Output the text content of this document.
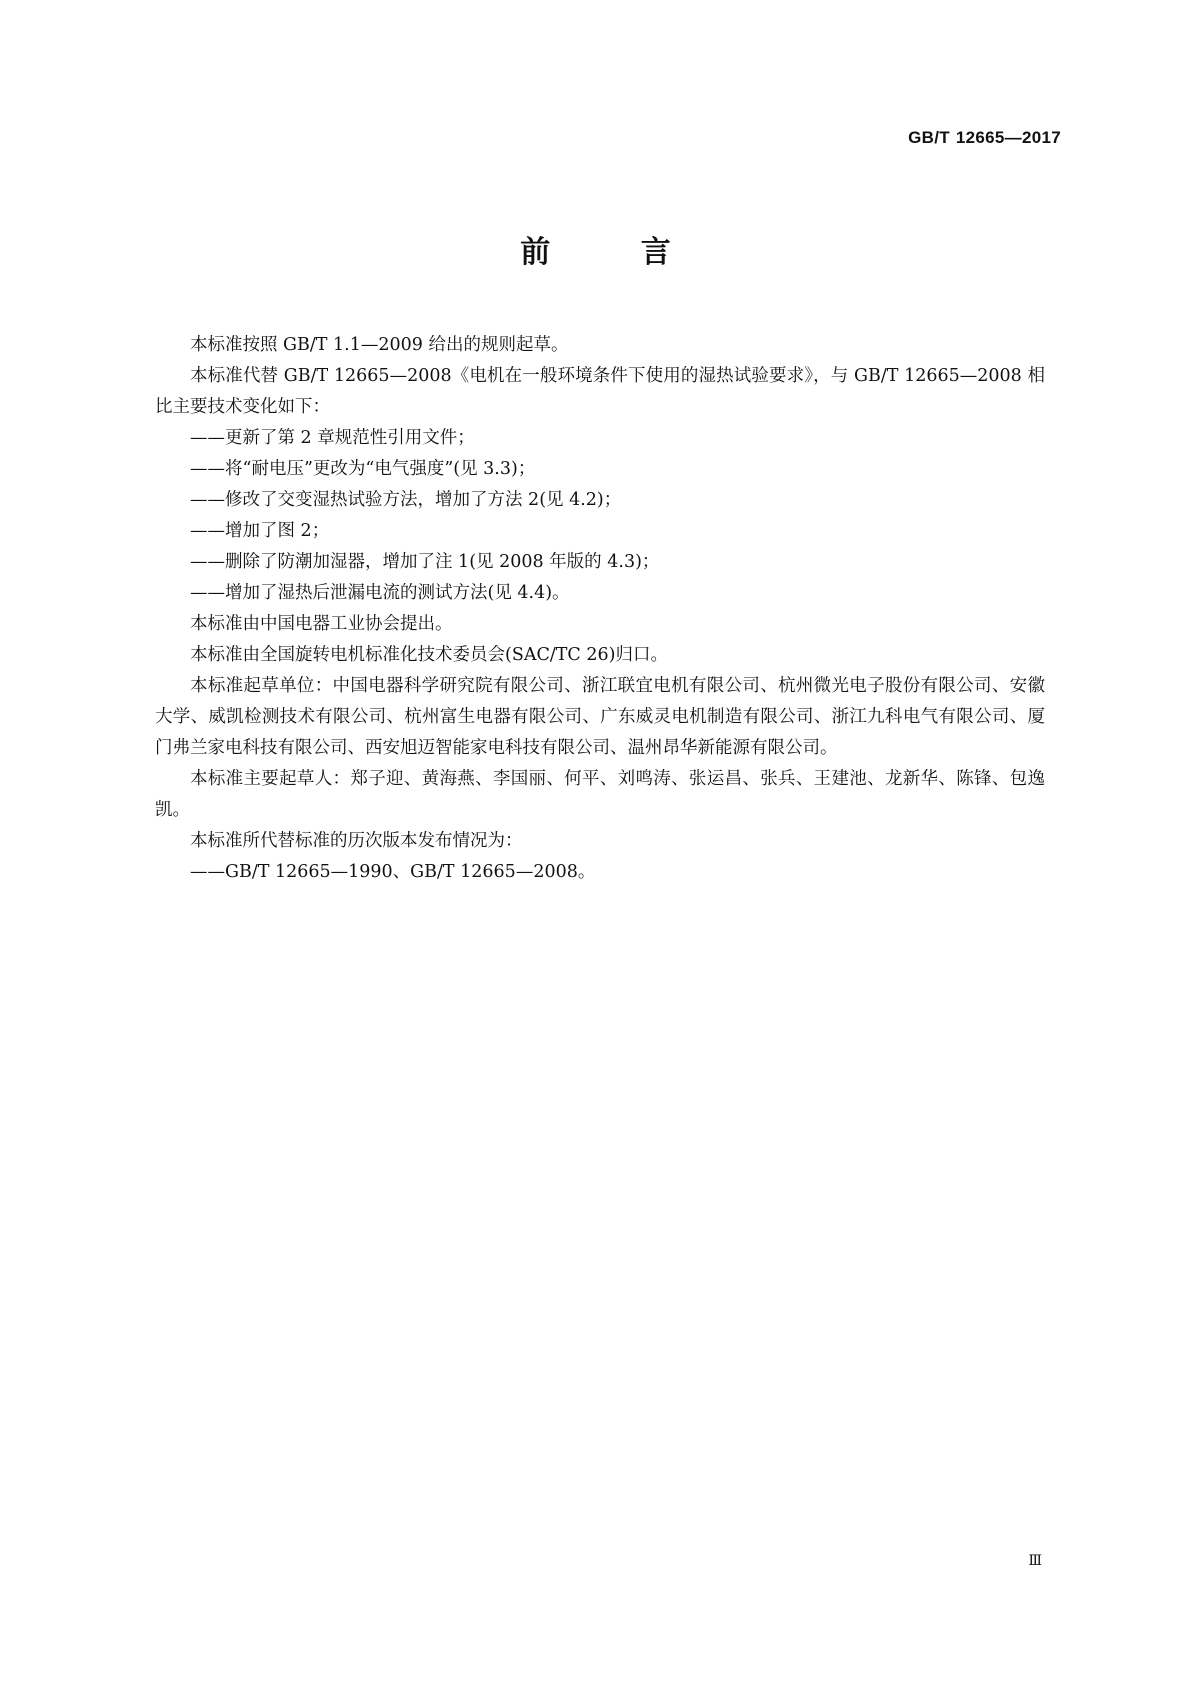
GB/T 12665—2017
前 言

本标准按照 GB/T 1.1—2009 给出的规则起草。

本标准代替 GB/T 12665—2008《电机在一般环境条件下使用的湿热试验要求》，与 GB/T 12665—2008 相比主要技术变化如下：

——更新了第 2 章规范性引用文件；

——将“耐电压”更改为“电气强度”(见 3.3)；

——修改了交变湿热试验方法，增加了方法 2(见 4.2)；

——增加了图 2；

——删除了防潮加湿器，增加了注 1(见 2008 年版的 4.3)；

——增加了湿热后泄漏电流的测试方法(见 4.4)。

本标准由中国电器工业协会提出。

本标准由全国旋转电机标准化技术委员会(SAC/TC 26)归口。

本标准起草单位：中国电器科学研究院有限公司、浙江联宜电机有限公司、杭州微光电子股份有限公司、安徽大学、威凯检测技术有限公司、杭州富生电器有限公司、广东威灵电机制造有限公司、浙江九科电气有限公司、厦门弗兰家电科技有限公司、西安旭迈智能家电科技有限公司、温州昂华新能源有限公司。

本标准主要起草人：郑子迎、黄海燕、李国丽、何平、刘鸣涛、张运昌、张兵、王建池、龙新华、陈锋、包逸凯。

本标准所代替标准的历次版本发布情况为：

——GB/T 12665—1990、GB/T 12665—2008。

Ⅲ
